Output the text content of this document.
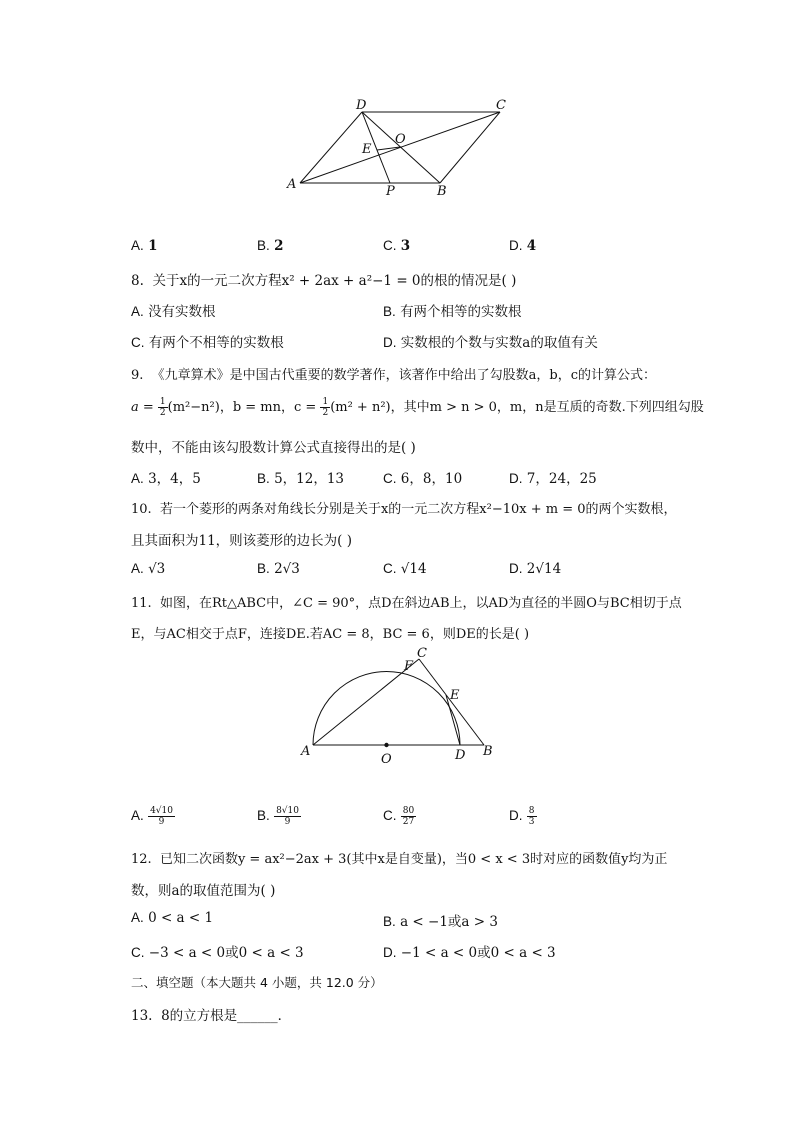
A	B
C
D
E
O
P
A. 1	B. 2	C. 3	D. 4
8. 关于x的一元二次方程x² + 2ax + a²−1 = 0的根的情况是( )
A. 没有实数根	B. 有两个相等的实数根
C. 有两个不相等的实数根	D. 实数根的个数与实数a的取值有关
9. 《九章算术》是中国古代重要的数学著作，该著作中给出了勾股数a，b，c的计算公式：
$a = \frac{1}{2} (m^2-n^2)$，b = mn，$c = \frac{1}{2} (m^2 + n^2)$，其中m > n > 0，m，n是互质的奇数.下列四组勾股
数中，不能由该勾股数计算公式直接得出的是( )
A. 3，4，5	B. 5，12，13	C. 6，8，10	D. 7，24，25
10. 若一个菱形的两条对角线长分别是关于x的一元二次方程x²−10x + m = 0的两个实数根，
且其面积为11，则该菱形的边长为( )
A. √3	B. 2√3	C. √14	D. 2√14
11. 如图，在Rt△ABC中，∠C = 90°，点D在斜边AB上，以AD为直径的半圆O与BC相切于点
E，与AC相交于点F，连接DE.若AC = 8，BC = 6，则DE的长是( )
A	B
C
D
E
F
O
A. $\frac{4√10}{9}$	B. $\frac{8√10}{9}$	C. $\frac{80}{27}$	D. $\frac{8}{3}$
12. 已知二次函数y = ax²−2ax + 3(其中x是自变量)，当0 < x < 3时对应的函数值y均为正
数，则a的取值范围为( )
A. 0 < a < 1	B. a < −1或a > 3
C. −3 < a < 0或0 < a < 3	D. −1 < a < 0或0 < a < 3
二、填空题（本大题共 4 小题，共 12.0 分）
13. 8的立方根是______．
